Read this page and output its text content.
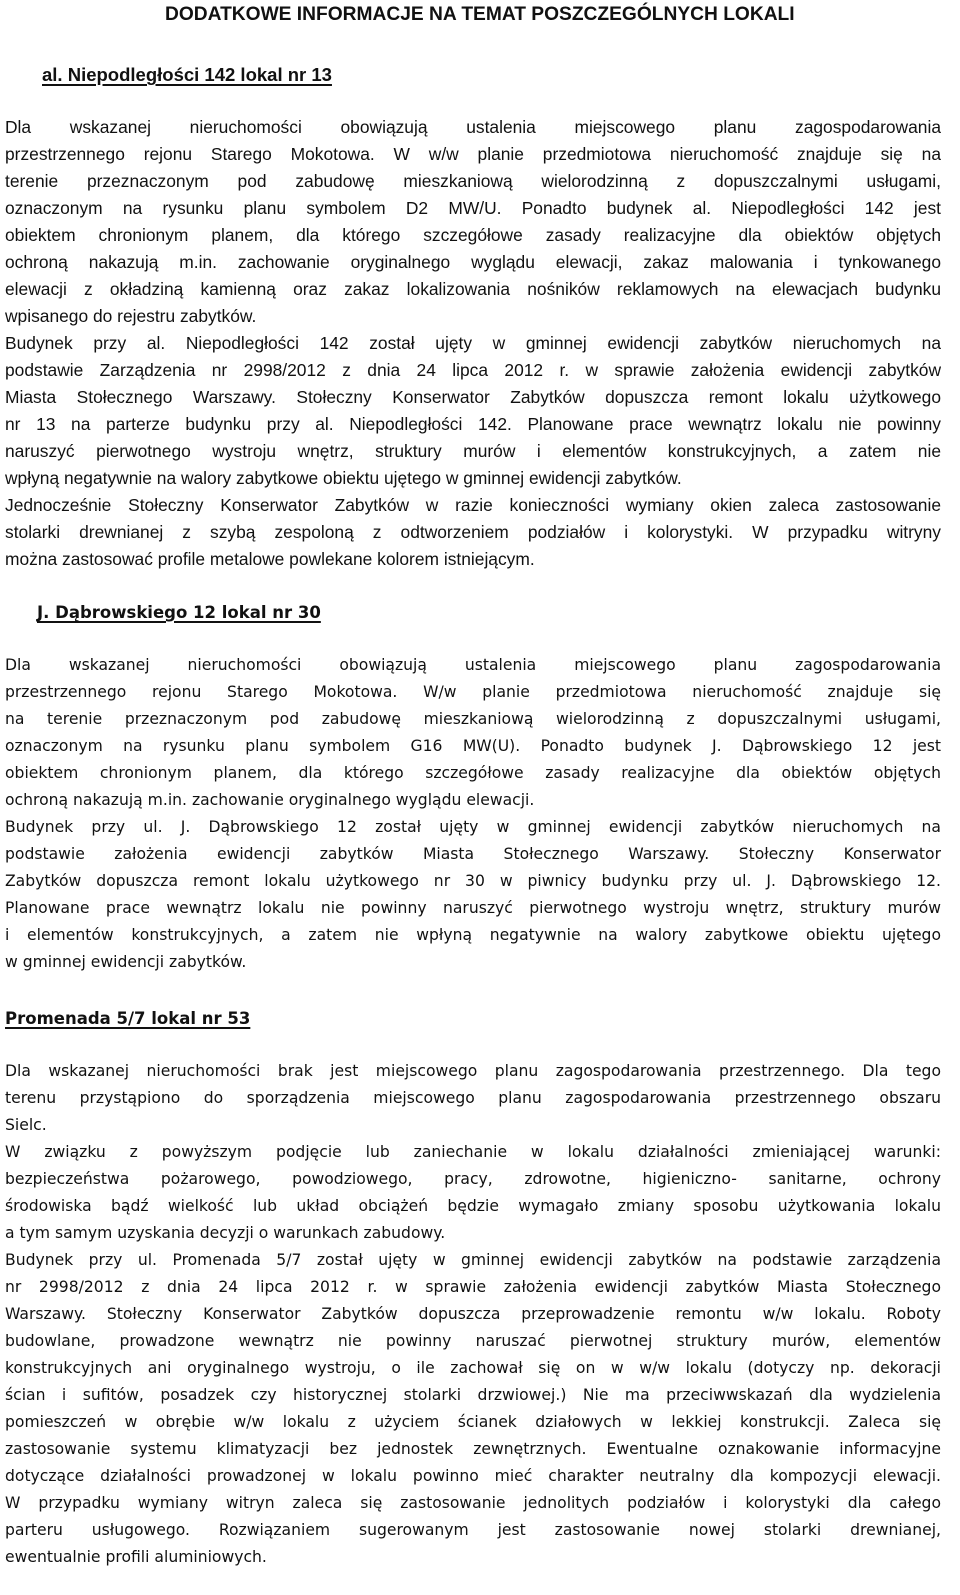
DODATKOWE INFORMACJE NA TEMAT POSZCZEGÓLNYCH LOKALI
al. Niepodległości 142 lokal nr 13
Dla wskazanej nieruchomości obowiązują ustalenia miejscowego planu zagospodarowania
przestrzennego rejonu Starego Mokotowa. W w/w planie przedmiotowa nieruchomość znajduje się na
terenie przeznaczonym pod zabudowę mieszkaniową wielorodzinną z dopuszczalnymi usługami,
oznaczonym na rysunku planu symbolem D2 MW/U. Ponadto budynek al. Niepodległości 142 jest
obiektem chronionym planem, dla którego szczegółowe zasady realizacyjne dla obiektów objętych
ochroną nakazują m.in. zachowanie oryginalnego wyglądu elewacji, zakaz malowania i tynkowanego
elewacji z okładziną kamienną oraz zakaz lokalizowania nośników reklamowych na elewacjach budynku
wpisanego do rejestru zabytków.
Budynek przy al. Niepodległości 142 został ujęty w gminnej ewidencji zabytków nieruchomych na
podstawie Zarządzenia nr 2998/2012 z dnia 24 lipca 2012 r. w sprawie założenia ewidencji zabytków
Miasta Stołecznego Warszawy. Stołeczny Konserwator Zabytków dopuszcza remont lokalu użytkowego
nr 13 na parterze budynku przy al. Niepodległości 142. Planowane prace wewnątrz lokalu nie powinny
naruszyć pierwotnego wystroju wnętrz, struktury murów i elementów konstrukcyjnych, a zatem nie
wpłyną negatywnie na walory zabytkowe obiektu ujętego w gminnej ewidencji zabytków.
Jednocześnie Stołeczny Konserwator Zabytków w razie konieczności wymiany okien zaleca zastosowanie
stolarki drewnianej z szybą zespoloną z odtworzeniem podziałów i kolorystyki. W przypadku witryny
można zastosować profile metalowe powlekane kolorem istniejącym.
J. Dąbrowskiego 12 lokal nr 30
Dla wskazanej nieruchomości obowiązują ustalenia miejscowego planu zagospodarowania
przestrzennego rejonu Starego Mokotowa. W/w planie przedmiotowa nieruchomość znajduje się
na terenie przeznaczonym pod zabudowę mieszkaniową wielorodzinną z dopuszczalnymi usługami,
oznaczonym na rysunku planu symbolem G16 MW(U). Ponadto budynek J. Dąbrowskiego 12 jest
obiektem chronionym planem, dla którego szczegółowe zasady realizacyjne dla obiektów objętych
ochroną nakazują m.in. zachowanie oryginalnego wyglądu elewacji.
Budynek przy ul. J. Dąbrowskiego 12 został ujęty w gminnej ewidencji zabytków nieruchomych na
podstawie założenia ewidencji zabytków Miasta Stołecznego Warszawy. Stołeczny Konserwator
Zabytków dopuszcza remont lokalu użytkowego nr 30 w piwnicy budynku przy ul. J. Dąbrowskiego 12.
Planowane prace wewnątrz lokalu nie powinny naruszyć pierwotnego wystroju wnętrz, struktury murów
i elementów konstrukcyjnych, a zatem nie wpłyną negatywnie na walory zabytkowe obiektu ujętego
w gminnej ewidencji zabytków.
Promenada 5/7 lokal nr 53
Dla wskazanej nieruchomości brak jest miejscowego planu zagospodarowania przestrzennego. Dla tego
terenu przystąpiono do sporządzenia miejscowego planu zagospodarowania przestrzennego obszaru
Sielc.
W związku z powyższym podjęcie lub zaniechanie w lokalu działalności zmieniającej warunki:
bezpieczeństwa pożarowego, powodziowego, pracy, zdrowotne, higieniczno- sanitarne, ochrony
środowiska bądź wielkość lub układ obciążeń będzie wymagało zmiany sposobu użytkowania lokalu
a tym samym uzyskania decyzji o warunkach zabudowy.
Budynek przy ul. Promenada 5/7 został ujęty w gminnej ewidencji zabytków na podstawie zarządzenia
nr 2998/2012 z dnia 24 lipca 2012 r. w sprawie założenia ewidencji zabytków Miasta Stołecznego
Warszawy. Stołeczny Konserwator Zabytków dopuszcza przeprowadzenie remontu w/w lokalu. Roboty
budowlane, prowadzone wewnątrz nie powinny naruszać pierwotnej struktury murów, elementów
konstrukcyjnych ani oryginalnego wystroju, o ile zachował się on w w/w lokalu (dotyczy np. dekoracji
ścian i sufitów, posadzek czy historycznej stolarki drzwiowej.) Nie ma przeciwwskazań dla wydzielenia
pomieszczeń w obrębie w/w lokalu z użyciem ścianek działowych w lekkiej konstrukcji. Zaleca się
zastosowanie systemu klimatyzacji bez jednostek zewnętrznych. Ewentualne oznakowanie informacyjne
dotyczące działalności prowadzonej w lokalu powinno mieć charakter neutralny dla kompozycji elewacji.
W przypadku wymiany witryn zaleca się zastosowanie jednolitych podziałów i kolorystyki dla całego
parteru usługowego. Rozwiązaniem sugerowanym jest zastosowanie nowej stolarki drewnianej,
ewentualnie profili aluminiowych.
